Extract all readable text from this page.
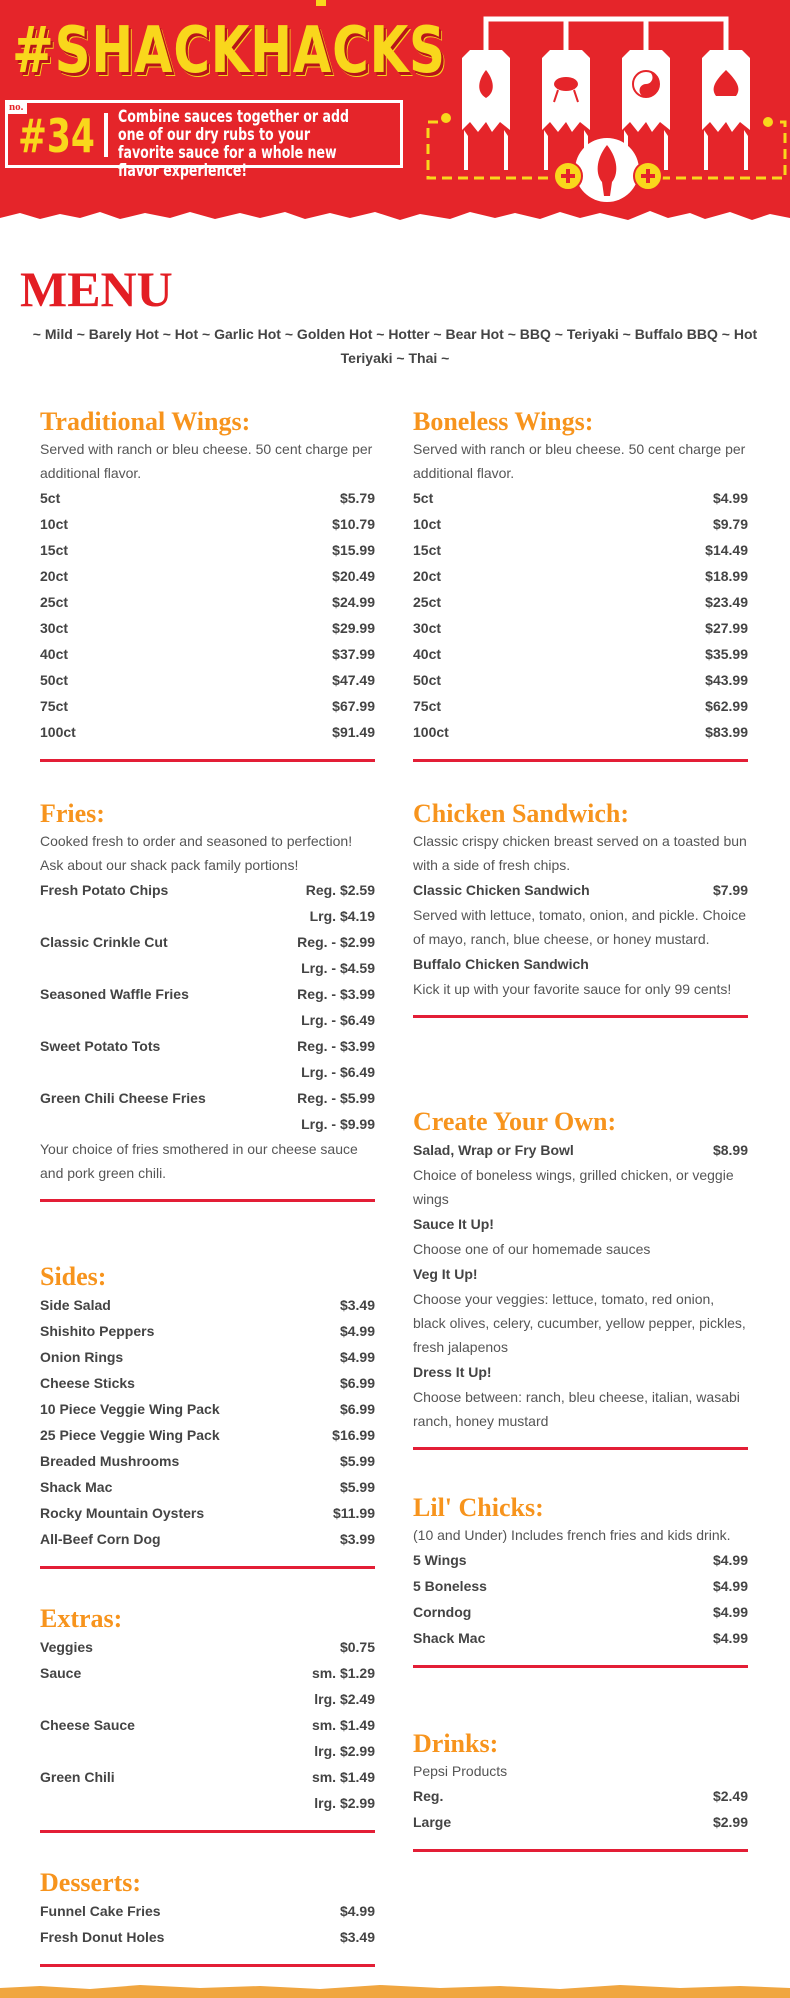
#SHACKHACKS
no.
#34 Combine sauces together or add one of our dry rubs to your favorite sauce for a whole new flavor experience!
MENU
~ Mild ~ Barely Hot ~ Hot ~ Garlic Hot ~ Golden Hot ~ Hotter ~ Bear Hot ~ BBQ ~ Teriyaki ~ Buffalo BBQ ~ Hot Teriyaki ~ Thai ~
Traditional Wings:
Served with ranch or bleu cheese. 50 cent charge per additional flavor.
5ct	$5.79
10ct	$10.79
15ct	$15.99
20ct	$20.49
25ct	$24.99
30ct	$29.99
40ct	$37.99
50ct	$47.49
75ct	$67.99
100ct	$91.49
Boneless Wings:
Served with ranch or bleu cheese. 50 cent charge per additional flavor.
5ct	$4.99
10ct	$9.79
15ct	$14.49
20ct	$18.99
25ct	$23.49
30ct	$27.99
40ct	$35.99
50ct	$43.99
75ct	$62.99
100ct	$83.99
Fries:
Cooked fresh to order and seasoned to perfection! Ask about our shack pack family portions!
Fresh Potato Chips	Reg. $2.59
Lrg. $4.19
Classic Crinkle Cut	Reg. - $2.99
Lrg. - $4.59
Seasoned Waffle Fries	Reg. - $3.99
Lrg. - $6.49
Sweet Potato Tots	Reg. - $3.99
Lrg. - $6.49
Green Chili Cheese Fries	Reg. - $5.99
Lrg. - $9.99
Your choice of fries smothered in our cheese sauce and pork green chili.
Chicken Sandwich:
Classic crispy chicken breast served on a toasted bun with a side of fresh chips.
Classic Chicken Sandwich	$7.99
Served with lettuce, tomato, onion, and pickle. Choice of mayo, ranch, blue cheese, or honey mustard.
Buffalo Chicken Sandwich
Kick it up with your favorite sauce for only 99 cents!
Create Your Own:
Salad, Wrap or Fry Bowl	$8.99
Choice of boneless wings, grilled chicken, or veggie wings
Sauce It Up!
Choose one of our homemade sauces
Veg It Up!
Choose your veggies: lettuce, tomato, red onion, black olives, celery, cucumber, yellow pepper, pickles, fresh jalapenos
Dress It Up!
Choose between: ranch, bleu cheese, italian, wasabi ranch, honey mustard
Sides:
Side Salad	$3.49
Shishito Peppers	$4.99
Onion Rings	$4.99
Cheese Sticks	$6.99
10 Piece Veggie Wing Pack	$6.99
25 Piece Veggie Wing Pack	$16.99
Breaded Mushrooms	$5.99
Shack Mac	$5.99
Rocky Mountain Oysters	$11.99
All-Beef Corn Dog	$3.99
Lil' Chicks:
(10 and Under) Includes french fries and kids drink.
5 Wings	$4.99
5 Boneless	$4.99
Corndog	$4.99
Shack Mac	$4.99
Extras:
Veggies	$0.75
Sauce	sm. $1.29
lrg. $2.49
Cheese Sauce	sm. $1.49
lrg. $2.99
Green Chili	sm. $1.49
lrg. $2.99
Drinks:
Pepsi Products
Reg.	$2.49
Large	$2.99
Desserts:
Funnel Cake Fries	$4.99
Fresh Donut Holes	$3.49
